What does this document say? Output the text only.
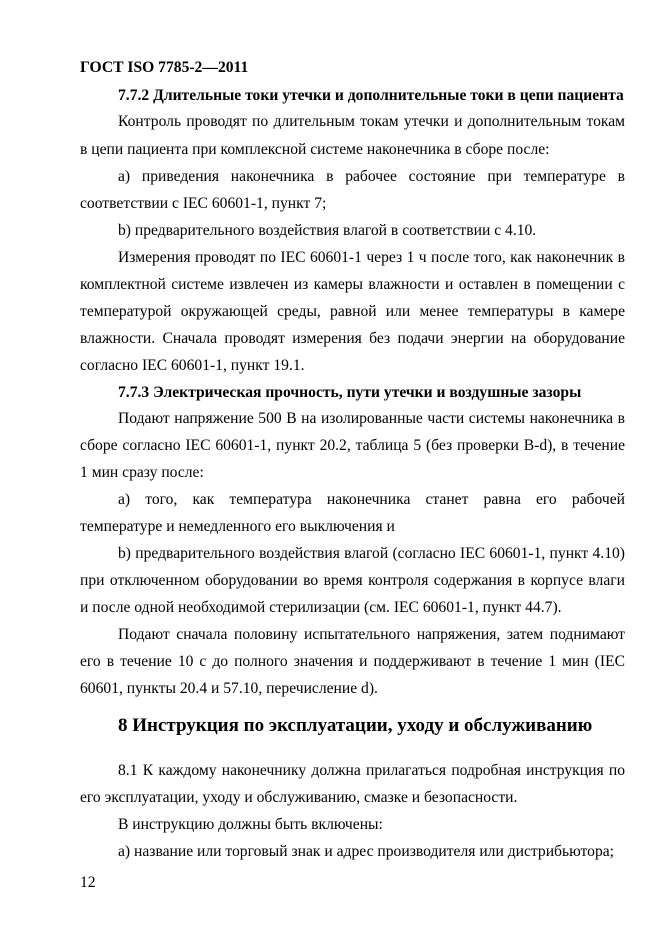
ГОСТ ISO 7785-2—2011
7.7.2 Длительные токи утечки и дополнительные токи в цепи пациента
Контроль проводят по длительным токам утечки и дополнительным токам
в цепи пациента при комплексной системе наконечника в сборе после:
a) приведения наконечника в рабочее состояние при температуре в
соответствии с IEC 60601-1, пункт 7;
b) предварительного воздействия влагой в соответствии с 4.10.
Измерения проводят по IEC 60601-1 через 1 ч после того, как наконечник в
комплектной системе извлечен из камеры влажности и оставлен в помещении с
температурой окружающей среды, равной или менее температуры в камере
влажности. Сначала проводят измерения без подачи энергии на оборудование
согласно IEC 60601-1, пункт 19.1.
7.7.3 Электрическая прочность, пути утечки и воздушные зазоры
Подают напряжение 500 В на изолированные части системы наконечника в
сборе согласно IEC 60601-1, пункт 20.2, таблица 5 (без проверки B-d), в течение
1 мин сразу после:
a) того, как температура наконечника станет равна его рабочей
температуре и немедленного его выключения и
b) предварительного воздействия влагой (согласно IEC 60601-1, пункт 4.10)
при отключенном оборудовании во время контроля содержания в корпусе влаги
и после одной необходимой стерилизации (см. IEC 60601-1, пункт 44.7).
Подают сначала половину испытательного напряжения, затем поднимают
его в течение 10 с до полного значения и поддерживают в течение 1 мин (IEC
60601, пункты 20.4 и 57.10, перечисление d).
8 Инструкция по эксплуатации, уходу и обслуживанию
8.1 К каждому наконечнику должна прилагаться подробная инструкция по
его эксплуатации, уходу и обслуживанию, смазке и безопасности.
В инструкцию должны быть включены:
a) название или торговый знак и адрес производителя или дистрибьютора;
12
